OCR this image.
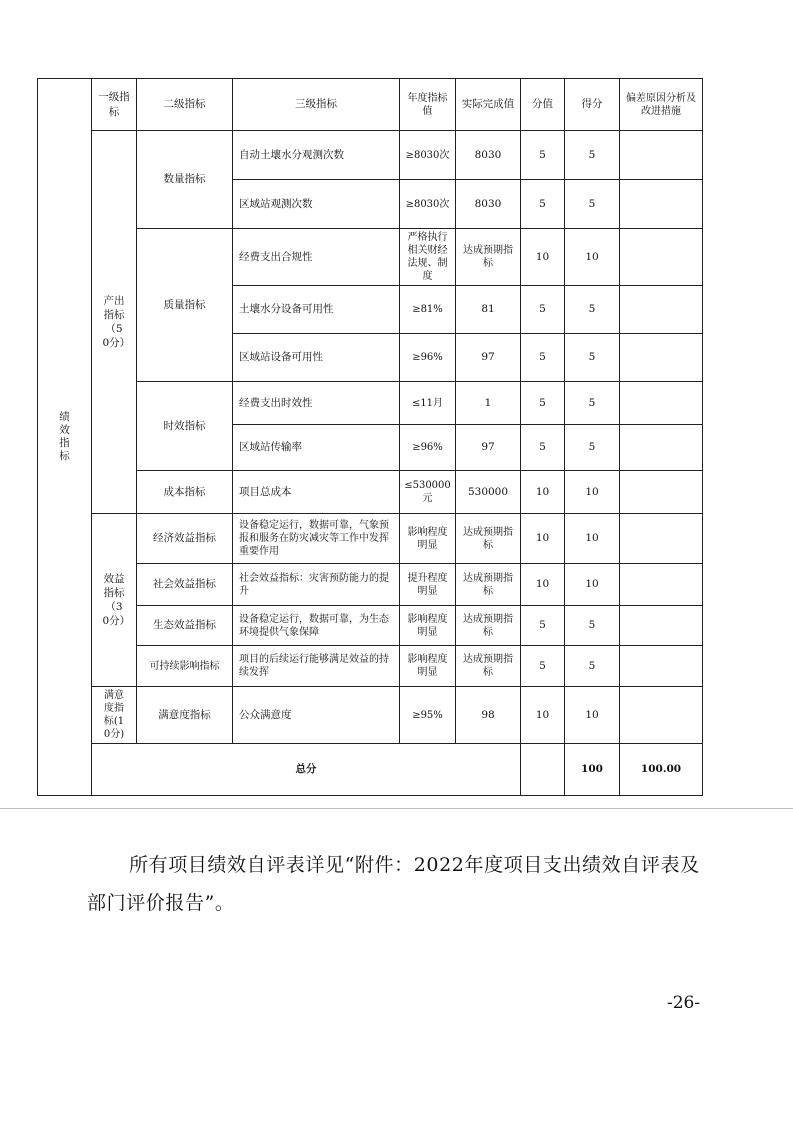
绩效指标	一级指标	二级指标	三级指标	年度指标值	实际完成值	分值	得分	偏差原因分析及改进措施	

	产出指标（50分）	数量指标	自动土壤水分观测次数	≥8030次	8030	5	5		
			区域站观测次数	≥8030次	8030	5	5		
		质量指标	经费支出合规性	严格执行相关财经法规、制度	达成预期指标	10	10		
			土壤水分设备可用性	≥81%	81	5	5		
			区域站设备可用性	≥96%	97	5	5		
		时效指标	经费支出时效性	≤11月	1	5	5		
			区域站传输率	≥96%	97	5	5		
		成本指标	项目总成本	≤530000元	530000	10	10		

	效益指标（30分）	经济效益指标	设备稳定运行，数据可靠，气象预报和服务在防灾减灾等工作中发挥重要作用	影响程度明显	达成预期指标	10	10		
		社会效益指标	社会效益指标：灾害预防能力的提升	提升程度明显	达成预期指标	10	10		
		生态效益指标	设备稳定运行，数据可靠，为生态环境提供气象保障	影响程度明显	达成预期指标	5	5		
		可持续影响指标	项目的后续运行能够满足效益的持续发挥	影响程度明显	达成预期指标	5	5		

	满意度指标(10分)	满意度指标	公众满意度	≥95%	98	10	10		
	总分						100	100.00	

所有项目绩效自评表详见“附件：2022年度项目支出绩效自评表及部门评价报告”。

-26-
